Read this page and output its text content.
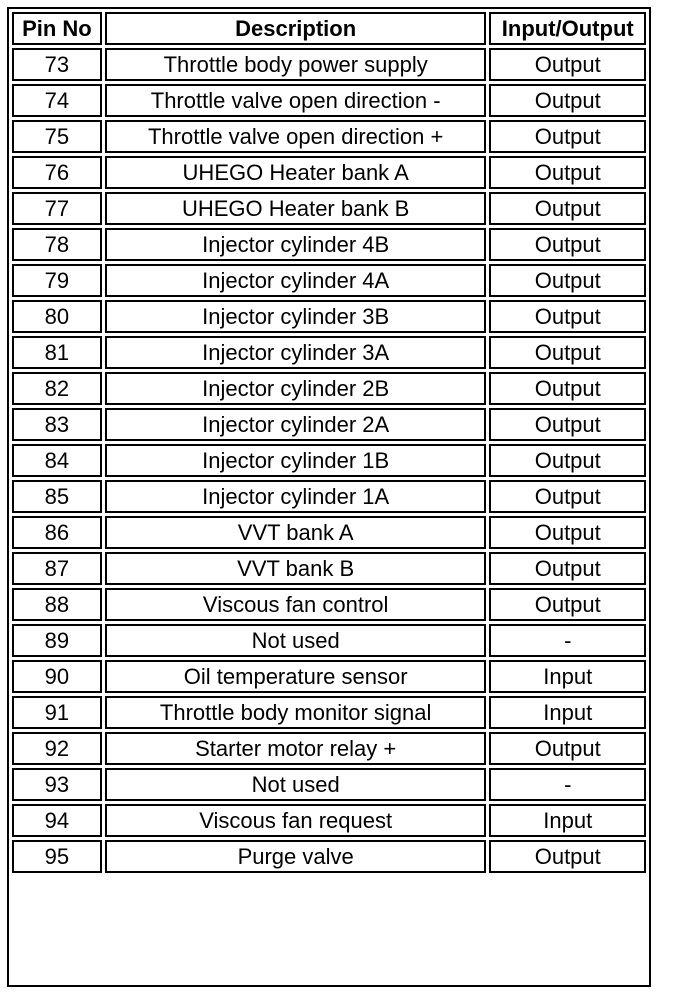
Pin No	Description	Input/Output
73	Throttle body power supply	Output
74	Throttle valve open direction -	Output
75	Throttle valve open direction +	Output
76	UHEGO Heater bank A	Output
77	UHEGO Heater bank B	Output
78	Injector cylinder 4B	Output
79	Injector cylinder 4A	Output
80	Injector cylinder 3B	Output
81	Injector cylinder 3A	Output
82	Injector cylinder 2B	Output
83	Injector cylinder 2A	Output
84	Injector cylinder 1B	Output
85	Injector cylinder 1A	Output
86	VVT bank A	Output
87	VVT bank B	Output
88	Viscous fan control	Output
89	Not used	-
90	Oil temperature sensor	Input
91	Throttle body monitor signal	Input
92	Starter motor relay +	Output
93	Not used	-
94	Viscous fan request	Input
95	Purge valve	Output
